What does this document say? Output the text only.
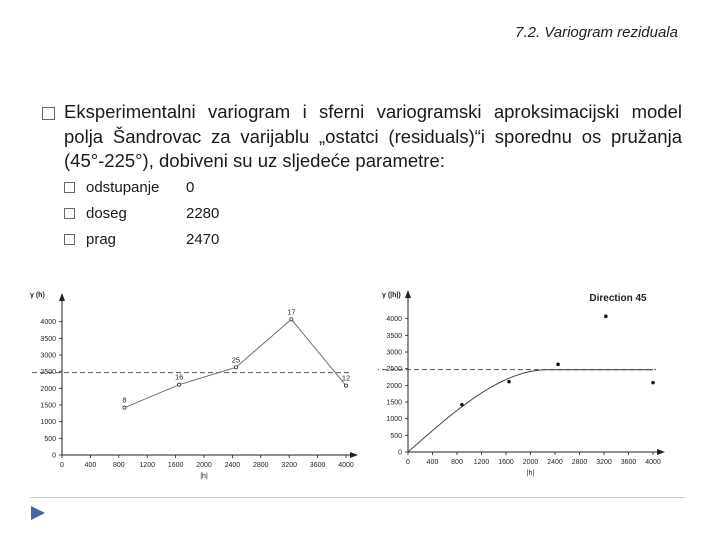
7.2. Variogram reziduala
Eksperimentalni variogram i sferni variogramski aproksimacijski model polja Šandrovac za varijablu „ostatci (residuals)“i sporednu os pružanja (45°-225°), dobiveni su uz sljedeće parametre:
odstupanje 0
doseg	2280
prag	2470
0
500
1000
1500
2000
2500
3000
3500
4000
0	400 800 1200 1600 2000 2400 2800 3200 3600 4000
γ (h)
|h|
8
16
25
17
12
0
500
1000
1500
2000
2500
3000
3500
4000
0 400 800 1200 1600 2000 2400 2800 3200 3600 4000
γ (|h|)
|h|
Direction 45
